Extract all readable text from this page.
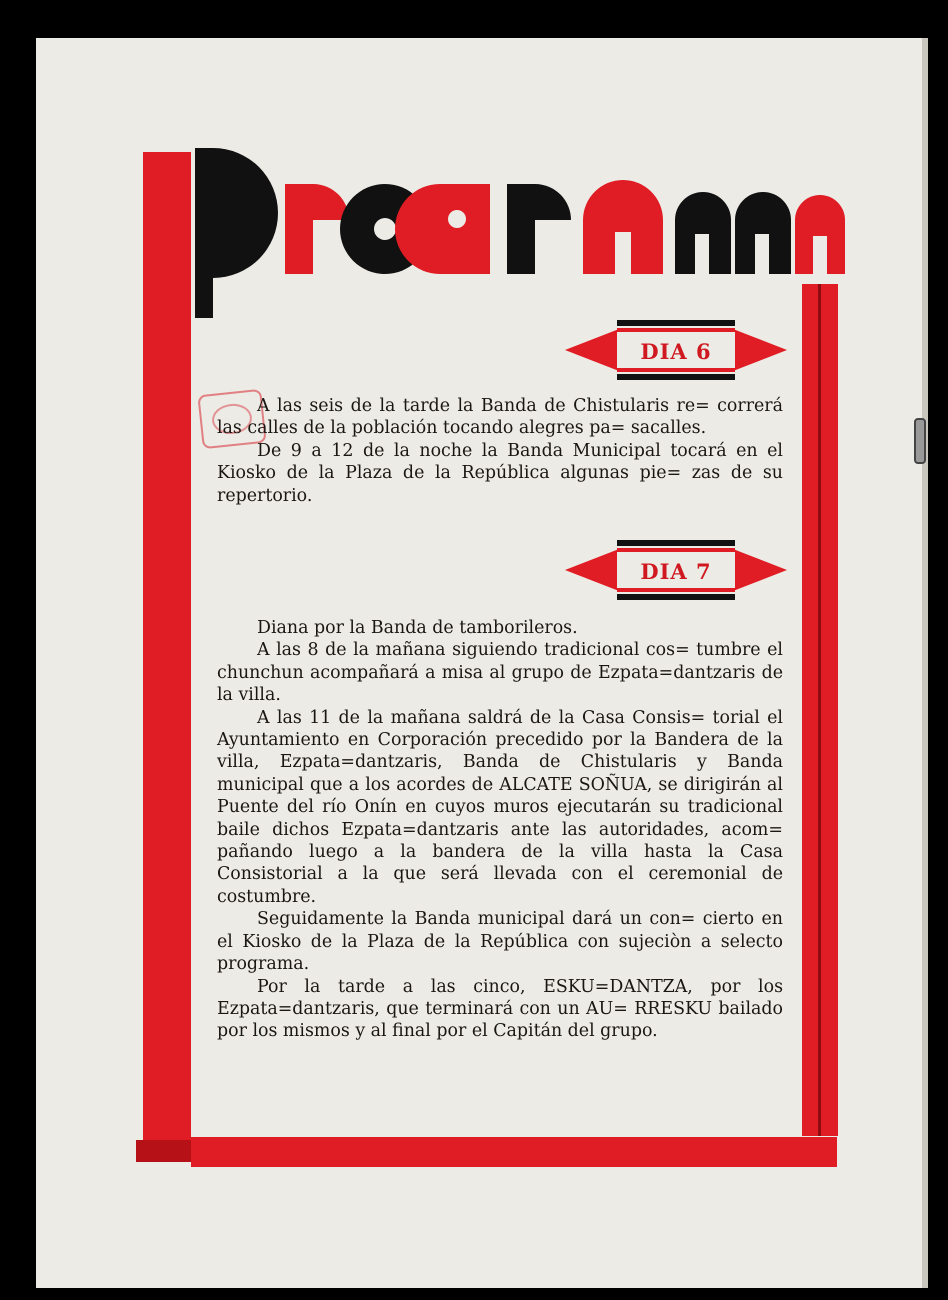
DIA 6

A las seis de la tarde la Banda de Chistularis re= correrá las calles de la población tocando alegres pa= sacalles.

De 9 a 12 de la noche la Banda Municipal tocará en el Kiosko de la Plaza de la República algunas pie= zas de su repertorio.

DIA 7

Diana por la Banda de tamborileros.

A las 8 de la mañana siguiendo tradicional cos= tumbre el chunchun acompañará a misa al grupo de Ezpata=dantzaris de la villa.

A las 11 de la mañana saldrá de la Casa Consis= torial el Ayuntamiento en Corporación precedido por la Bandera de la villa, Ezpata=dantzaris, Banda de Chistularis y Banda municipal que a los acordes de ALCATE SOÑUA, se dirigirán al Puente del río Onín en cuyos muros ejecutarán su tradicional baile dichos Ezpata=dantzaris ante las autoridades, acom= pañando luego a la bandera de la villa hasta la Casa Consistorial a la que será llevada con el ceremonial de costumbre.

Seguidamente la Banda municipal dará un con= cierto en el Kiosko de la Plaza de la República con sujeciòn a selecto programa.

Por la tarde a las cinco, ESKU=DANTZA, por los Ezpata=dantzaris, que terminará con un AU= RRESKU bailado por los mismos y al final por el Capitán del grupo.
